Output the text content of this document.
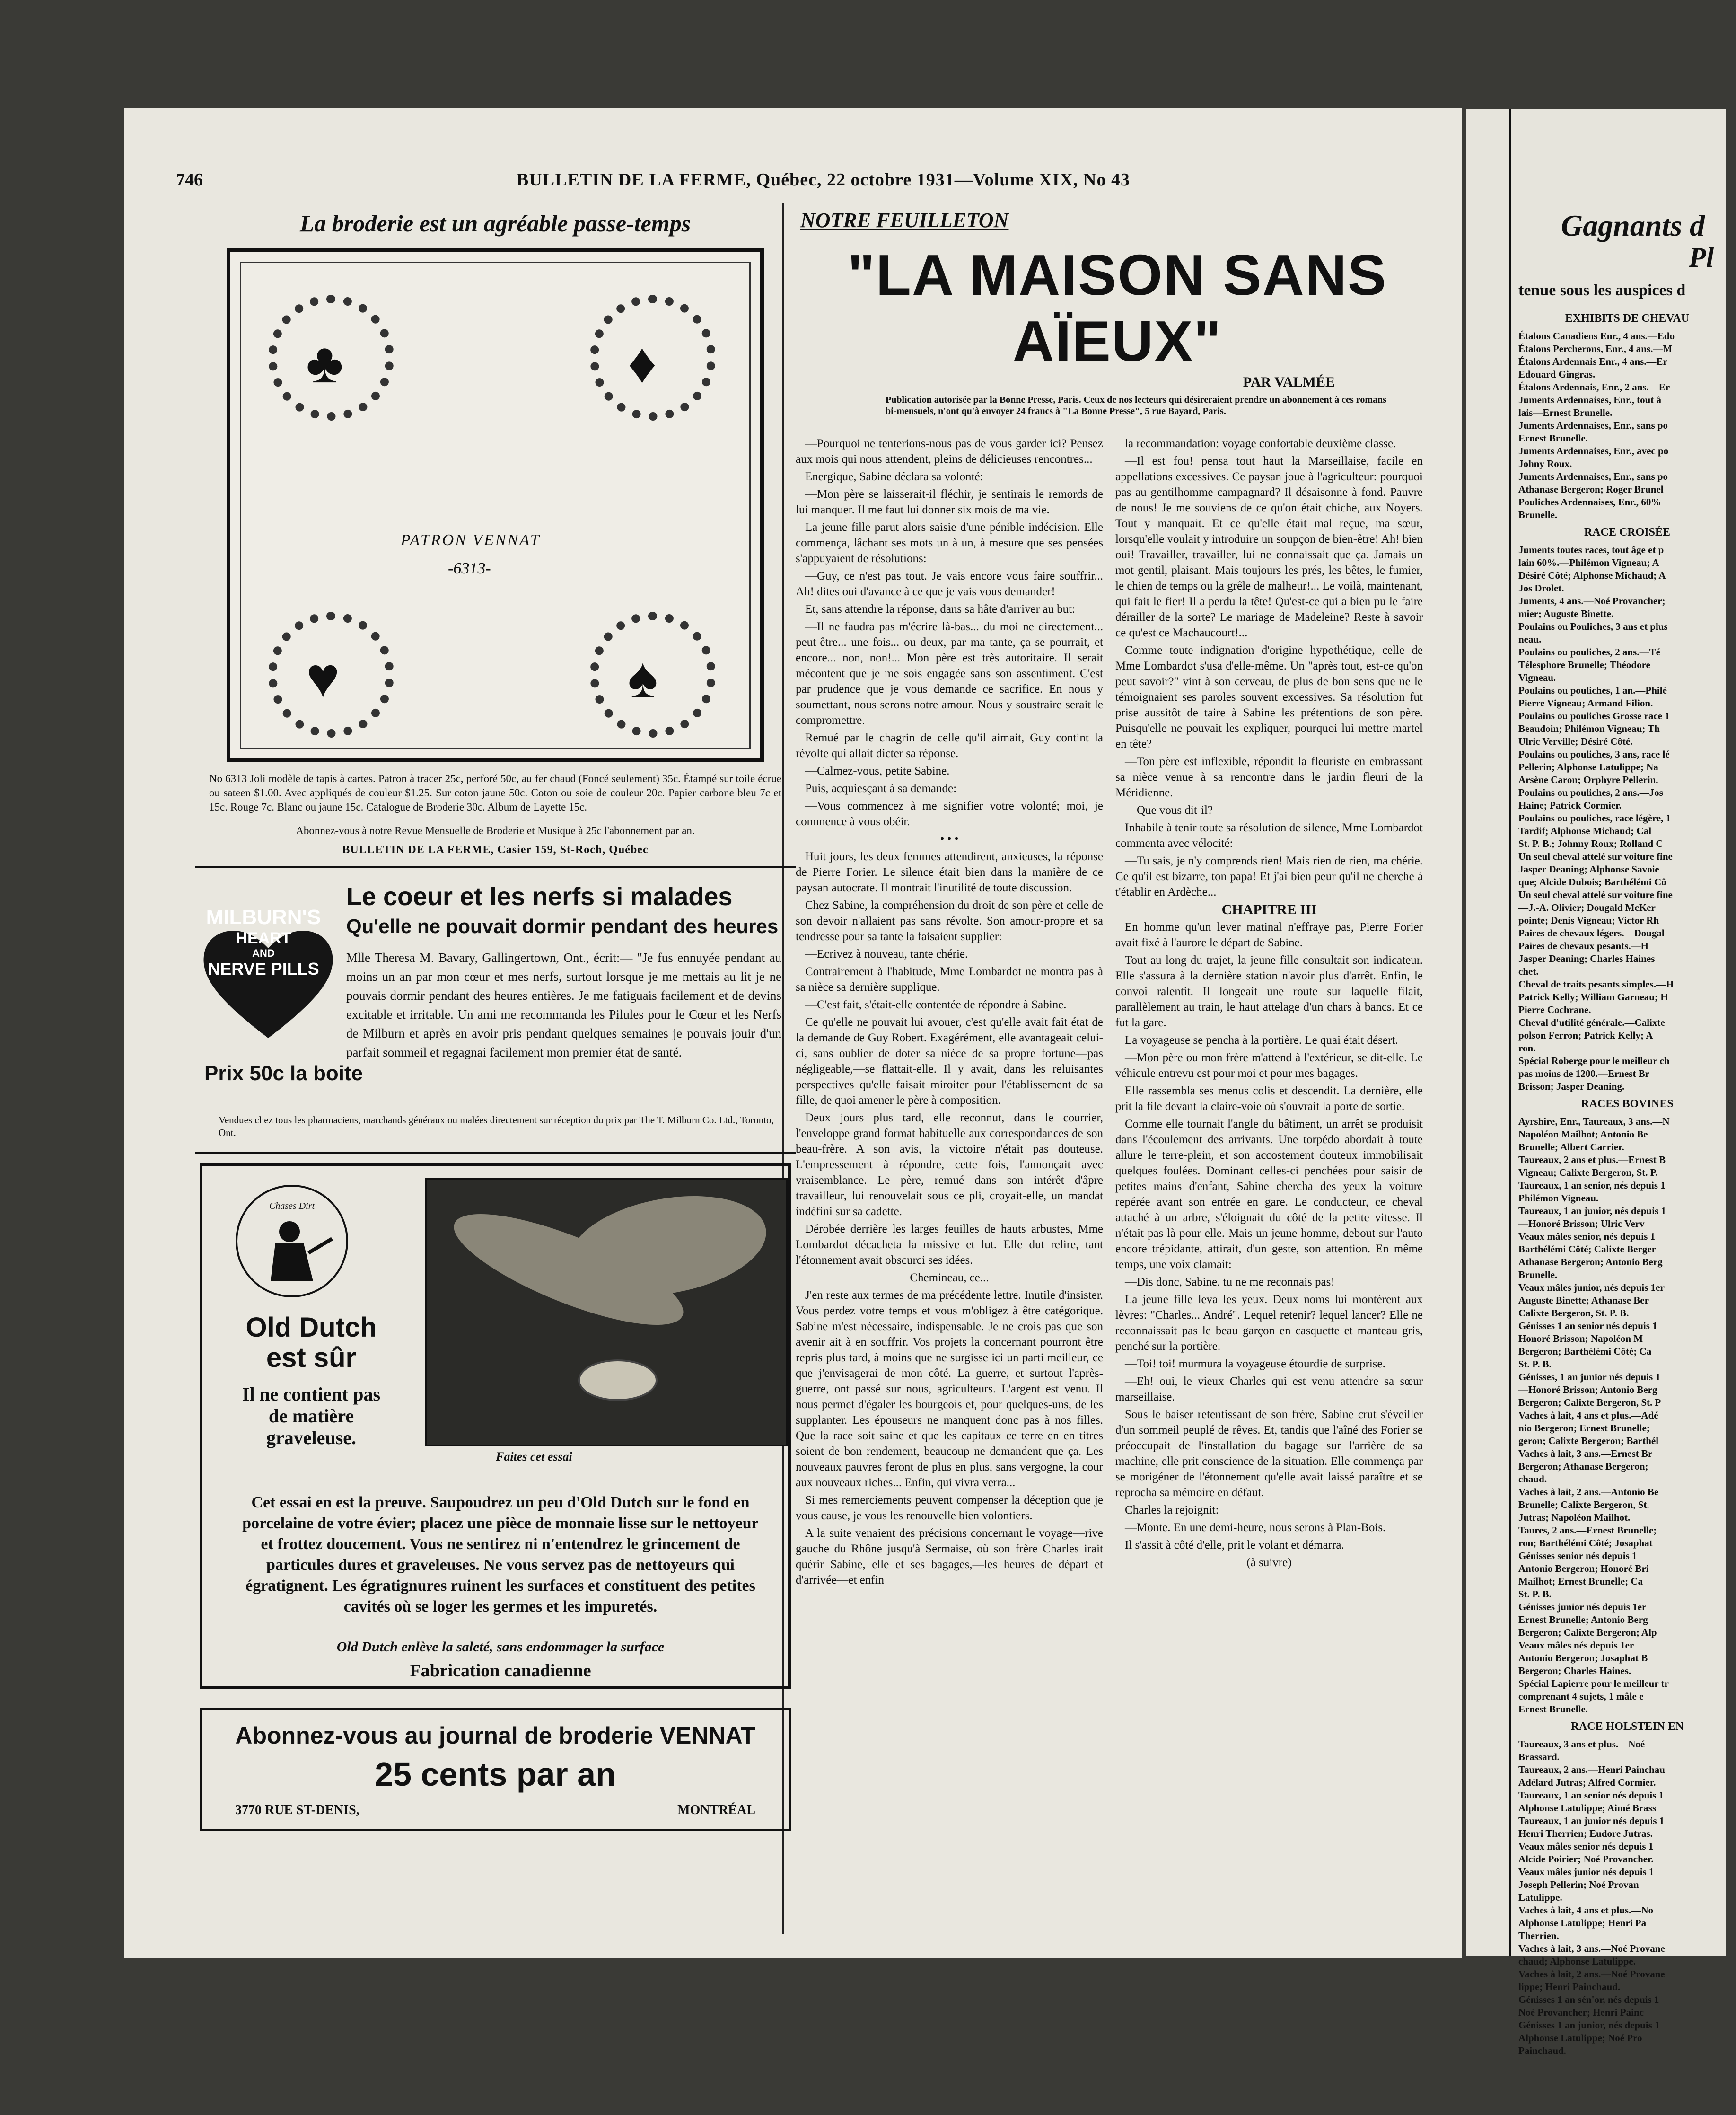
746	BULLETIN DE LA FERME, Québec, 22 octobre 1931—Volume XIX, No 43
La broderie est un agréable passe-temps
♣	♦
♥	♠
PATRON VENNAT
-6313-
No 6313 Joli modèle de tapis à cartes. Patron à tracer 25c, perforé 50c, au fer chaud (Foncé seulement) 35c. Étampé sur toile écrue ou sateen $1.00. Avec appliqués de couleur $1.25. Sur coton jaune 50c. Coton ou soie de couleur 20c. Papier carbone bleu 7c et 15c. Rouge 7c. Blanc ou jaune 15c. Catalogue de Broderie 30c. Album de Layette 15c.
Abonnez-vous à notre Revue Mensuelle de Broderie et Musique à 25c l'abonnement par an.
BULLETIN DE LA FERME, Casier 159, St-Roch, Québec
MILBURN'S
HEART
AND
NERVE PILLS
Prix 50c la boite
Le coeur et les nerfs si malades
Qu'elle ne pouvait dormir pendant des heures
Mlle Theresa M. Bavary, Gallingertown, Ont., écrit:— "Je fus ennuyée pendant au moins un an par mon cœur et mes nerfs, surtout lorsque je me mettais au lit je ne pouvais dormir pendant des heures entières. Je me fatiguais facilement et de devins excitable et irritable. Un ami me recommanda les Pilules pour le Cœur et les Nerfs de Milburn et après en avoir pris pendant quelques semaines je pouvais jouir d'un parfait sommeil et regagnai facilement mon premier état de santé.
Vendues chez tous les pharmaciens, marchands généraux ou malées directement sur réception du prix par The T. Milburn Co. Ltd., Toronto, Ont.
Chases Dirt
Faites cet essai
Old Dutch est sûr
Il ne contient pas de matière graveleuse.
Cet essai en est la preuve. Saupoudrez un peu d'Old Dutch sur le fond en porcelaine de votre évier; placez une pièce de monnaie lisse sur le nettoyeur et frottez doucement. Vous ne sentirez ni n'entendrez le grincement de particules dures et graveleuses. Ne vous servez pas de nettoyeurs qui égratignent. Les égratignures ruinent les surfaces et constituent des petites cavités où se loger les germes et les impuretés.
Old Dutch enlève la saleté, sans endommager la surface
Fabrication canadienne
Abonnez-vous au journal de broderie VENNAT
25 cents par an
3770 RUE ST-DENIS,	MONTRÉAL
NOTRE FEUILLETON
"LA MAISON SANS AÏEUX"
PAR VALMÉE
Publication autorisée par la Bonne Presse, Paris. Ceux de nos lecteurs qui désireraient prendre un abonnement à ces romans bi-mensuels, n'ont qu'à envoyer 24 francs à "La Bonne Presse", 5 rue Bayard, Paris.

—Pourquoi ne tenterions-nous pas de vous garder ici? Pensez aux mois qui nous attendent, pleins de délicieuses rencontres...

Energique, Sabine déclara sa volonté:

—Mon père se laisserait-il fléchir, je sentirais le remords de lui manquer. Il me faut lui donner six mois de ma vie.

La jeune fille parut alors saisie d'une pénible indécision. Elle commença, lâchant ses mots un à un, à mesure que ses pensées s'appuyaient de résolutions:

—Guy, ce n'est pas tout. Je vais encore vous faire souffrir... Ah! dites oui d'avance à ce que je vais vous demander!

Et, sans attendre la réponse, dans sa hâte d'arriver au but:

—Il ne faudra pas m'écrire là-bas... du moi ne directement... peut-être... une fois... ou deux, par ma tante, ça se pourrait, et encore... non, non!... Mon père est très autoritaire. Il serait mécontent que je me sois engagée sans son assentiment. C'est par prudence que je vous demande ce sacrifice. En nous y soumettant, nous serons notre amour. Nous y soustraire serait le compromettre.

Remué par le chagrin de celle qu'il aimait, Guy contint la révolte qui allait dicter sa réponse.

—Calmez-vous, petite Sabine.

Puis, acquiesçant à sa demande:

—Vous commencez à me signifier votre volonté; moi, je commence à vous obéir.

• • •

Huit jours, les deux femmes attendirent, anxieuses, la réponse de Pierre Forier. Le silence était bien dans la manière de ce paysan autocrate. Il montrait l'inutilité de toute discussion.

Chez Sabine, la compréhension du droit de son père et celle de son devoir n'allaient pas sans révolte. Son amour-propre et sa tendresse pour sa tante la faisaient supplier:

—Ecrivez à nouveau, tante chérie.

Contrairement à l'habitude, Mme Lombardot ne montra pas à sa nièce sa dernière supplique.

—C'est fait, s'était-elle contentée de répondre à Sabine.

Ce qu'elle ne pouvait lui avouer, c'est qu'elle avait fait état de la demande de Guy Robert. Exagérément, elle avantageait celui-ci, sans oublier de doter sa nièce de sa propre fortune—pas négligeable,—se flattait-elle. Il y avait, dans les reluisantes perspectives qu'elle faisait miroiter pour l'établissement de sa fille, de quoi amener le père à composition.

Deux jours plus tard, elle reconnut, dans le courrier, l'enveloppe grand format habituelle aux correspondances de son beau-frère. A son avis, la victoire n'était pas douteuse. L'empressement à répondre, cette fois, l'annonçait avec vraisemblance. Le père, remué dans son intérêt d'âpre travailleur, lui renouvelait sous ce pli, croyait-elle, un mandat indéfini sur sa cadette.

Dérobée derrière les larges feuilles de hauts arbustes, Mme Lombardot décacheta la missive et lut. Elle dut relire, tant l'étonnement avait obscurci ses idées.

Chemineau, ce...

J'en reste aux termes de ma précédente lettre. Inutile d'insister. Vous perdez votre temps et vous m'obligez à être catégorique. Sabine m'est nécessaire, indispensable. Je ne crois pas que son avenir ait à en souffrir. Vos projets la concernant pourront être repris plus tard, à moins que ne surgisse ici un parti meilleur, ce que j'envisagerai de mon côté. La guerre, et surtout l'après-guerre, ont passé sur nous, agriculteurs. L'argent est venu. Il nous permet d'égaler les bourgeois et, pour quelques-uns, de les supplanter. Les épouseurs ne manquent donc pas à nos filles. Que la race soit saine et que les capitaux ce terre en en titres soient de bon rendement, beaucoup ne demandent que ça. Les nouveaux pauvres feront de plus en plus, sans vergogne, la cour aux nouveaux riches... Enfin, qui vivra verra...

Si mes remerciements peuvent compenser la déception que je vous cause, je vous les renouvelle bien volontiers.

A la suite venaient des précisions concernant le voyage—rive gauche du Rhône jusqu'à Sermaise, où son frère Charles irait quérir Sabine, elle et ses bagages,—les heures de départ et d'arrivée—et enfin

la recommandation: voyage confortable deuxième classe.

—Il est fou! pensa tout haut la Marseillaise, facile en appellations excessives. Ce paysan joue à l'agriculteur: pourquoi pas au gentilhomme campagnard? Il désaisonne à fond. Pauvre de nous! Je me souviens de ce qu'on était chiche, aux Noyers. Tout y manquait. Et ce qu'elle était mal reçue, ma sœur, lorsqu'elle voulait y introduire un soupçon de bien-être! Ah! bien oui! Travailler, travailler, lui ne connaissait que ça. Jamais un mot gentil, plaisant. Mais toujours les prés, les bêtes, le fumier, le chien de temps ou la grêle de malheur!... Le voilà, maintenant, qui fait le fier! Il a perdu la tête! Qu'est-ce qui a bien pu le faire dérailler de la sorte? Le mariage de Madeleine? Reste à savoir ce qu'est ce Machaucourt!...

Comme toute indignation d'origine hypothétique, celle de Mme Lombardot s'usa d'elle-même. Un "après tout, est-ce qu'on peut savoir?" vint à son cerveau, de plus de bon sens que ne le témoignaient ses paroles souvent excessives. Sa résolution fut prise aussitôt de taire à Sabine les prétentions de son père. Puisqu'elle ne pouvait les expliquer, pourquoi lui mettre martel en tête?

—Ton père est inflexible, répondit la fleuriste en embrassant sa nièce venue à sa rencontre dans le jardin fleuri de la Méridienne.

—Que vous dit-il?

Inhabile à tenir toute sa résolution de silence, Mme Lombardot commenta avec vélocité:

—Tu sais, je n'y comprends rien! Mais rien de rien, ma chérie. Ce qu'il est bizarre, ton papa! Et j'ai bien peur qu'il ne cherche à t'établir en Ardèche...

CHAPITRE III

En homme qu'un lever matinal n'effraye pas, Pierre Forier avait fixé à l'aurore le départ de Sabine.

Tout au long du trajet, la jeune fille consultait son indicateur. Elle s'assura à la dernière station n'avoir plus d'arrêt. Enfin, le convoi ralentit. Il longeait une route sur laquelle filait, parallèlement au train, le haut attelage d'un chars à bancs. Et ce fut la gare.

La voyageuse se pencha à la portière. Le quai était désert.

—Mon père ou mon frère m'attend à l'extérieur, se dit-elle. Le véhicule entrevu est pour moi et pour mes bagages.

Elle rassembla ses menus colis et descendit. La dernière, elle prit la file devant la claire-voie où s'ouvrait la porte de sortie.

Comme elle tournait l'angle du bâtiment, un arrêt se produisit dans l'écoulement des arrivants. Une torpédo abordait à toute allure le terre-plein, et son accostement douteux immobilisait quelques foulées. Dominant celles-ci penchées pour saisir de petites mains d'enfant, Sabine chercha des yeux la voiture repérée avant son entrée en gare. Le conducteur, ce cheval attaché à un arbre, s'éloignait du côté de la petite vitesse. Il n'était pas là pour elle. Mais un jeune homme, debout sur l'auto encore trépidante, attirait, d'un geste, son attention. En même temps, une voix clamait:

—Dis donc, Sabine, tu ne me reconnais pas!

La jeune fille leva les yeux. Deux noms lui montèrent aux lèvres: "Charles... André". Lequel retenir? lequel lancer? Elle ne reconnaissait pas le beau garçon en casquette et manteau gris, penché sur la portière.

—Toi! toi! murmura la voyageuse étourdie de surprise.

—Eh! oui, le vieux Charles qui est venu attendre sa sœur marseillaise.

Sous le baiser retentissant de son frère, Sabine crut s'éveiller d'un sommeil peuplé de rêves. Et, tandis que l'aîné des Forier se préoccupait de l'installation du bagage sur l'arrière de sa machine, elle prit conscience de la situation. Elle commença par se morigéner de l'étonnement qu'elle avait laissé paraître et se reprocha sa mémoire en défaut.

Charles la rejoignit:

—Monte. En une demi-heure, nous serons à Plan-Bois.

Il s'assit à côté d'elle, prit le volant et démarra.

(à suivre)

Gagnants d
Pl
tenue sous les auspices d
EXHIBITS DE CHEVAU
Étalons Canadiens Enr., 4 ans.—Edo
Étalons Percherons, Enr., 4 ans.—M
Étalons Ardennais Enr., 4 ans.—Er
Edouard Gingras.
Étalons Ardennais, Enr., 2 ans.—Er
Juments Ardennaises, Enr., tout â
lais—Ernest Brunelle.
Juments Ardennaises, Enr., sans po
Ernest Brunelle.
Juments Ardennaises, Enr., avec po
Johny Roux.
Juments Ardennaises, Enr., sans po
Athanase Bergeron; Roger Brunel
Pouliches Ardennaises, Enr., 60%
Brunelle.
RACE CROISÉE
Juments toutes races, tout âge et p
lain 60%.—Philémon Vigneau; A
Désiré Côté; Alphonse Michaud; A
Jos Drolet.
Juments, 4 ans.—Noé Provancher;
mier; Auguste Binette.
Poulains ou Pouliches, 3 ans et plus
neau.
Poulains ou pouliches, 2 ans.—Té
Télesphore Brunelle; Théodore
Vigneau.
Poulains ou pouliches, 1 an.—Philé
Pierre Vigneau; Armand Filion.
Poulains ou pouliches Grosse race 1
Beaudoin; Philémon Vigneau; Th
Ulric Verville; Désiré Côté.
Poulains ou pouliches, 3 ans, race lé
Pellerin; Alphonse Latulippe; Na
Arsène Caron; Orphyre Pellerin.
Poulains ou pouliches, 2 ans.—Jos
Haine; Patrick Cormier.
Poulains ou pouliches, race légère, 1
Tardif; Alphonse Michaud; Cal
St. P. B.; Johnny Roux; Rolland C
Un seul cheval attelé sur voiture fine
Jasper Deaning; Alphonse Savoie
que; Alcide Dubois; Barthélémi Cô
Un seul cheval attelé sur voiture fine
—J.-A. Olivier; Dougald McKer
pointe; Denis Vigneau; Victor Rh
Paires de chevaux légers.—Dougal
Paires de chevaux pesants.—H
Jasper Deaning; Charles Haines
chet.
Cheval de traits pesants simples.—H
Patrick Kelly; William Garneau; H
Pierre Cochrane.
Cheval d'utilité générale.—Calixte
polson Ferron; Patrick Kelly; A
ron.
Spécial Roberge pour le meilleur ch
pas moins de 1200.—Ernest Br
Brisson; Jasper Deaning.
RACES BOVINES
Ayrshire, Enr., Taureaux, 3 ans.—N
Napoléon Mailhot; Antonio Be
Brunelle; Albert Carrier.
Taureaux, 2 ans et plus.—Ernest B
Vigneau; Calixte Bergeron, St. P.
Taureaux, 1 an senior, nés depuis 1
Philémon Vigneau.
Taureaux, 1 an junior, nés depuis 1
—Honoré Brisson; Ulric Verv
Veaux mâles senior, nés depuis 1
Barthélémi Côté; Calixte Berger
Athanase Bergeron; Antonio Berg
Brunelle.
Veaux mâles junior, nés depuis 1er
Auguste Binette; Athanase Ber
Calixte Bergeron, St. P. B.
Génisses 1 an senior nés depuis 1
Honoré Brisson; Napoléon M
Bergeron; Barthélémi Côté; Ca
St. P. B.
Génisses, 1 an junior nés depuis 1
—Honoré Brisson; Antonio Berg
Bergeron; Calixte Bergeron, St. P
Vaches à lait, 4 ans et plus.—Adé
nio Bergeron; Ernest Brunelle;
geron; Calixte Bergeron; Barthél
Vaches à lait, 3 ans.—Ernest Br
Bergeron; Athanase Bergeron;
chaud.
Vaches à lait, 2 ans.—Antonio Be
Brunelle; Calixte Bergeron, St.
Jutras; Napoléon Mailhot.
Taures, 2 ans.—Ernest Brunelle;
ron; Barthélémi Côté; Josaphat
Génisses senior nés depuis 1
Antonio Bergeron; Honoré Bri
Mailhot; Ernest Brunelle; Ca
St. P. B.
Génisses junior nés depuis 1er
Ernest Brunelle; Antonio Berg
Bergeron; Calixte Bergeron; Alp
Veaux mâles nés depuis 1er
Antonio Bergeron; Josaphat B
Bergeron; Charles Haines.
Spécial Lapierre pour le meilleur tr
comprenant 4 sujets, 1 mâle e
Ernest Brunelle.
RACE HOLSTEIN EN
Taureaux, 3 ans et plus.—Noé
Brassard.
Taureaux, 2 ans.—Henri Painchau
Adélard Jutras; Alfred Cormier.
Taureaux, 1 an senior nés depuis 1
Alphonse Latulippe; Aimé Brass
Taureaux, 1 an junior nés depuis 1
Henri Therrien; Eudore Jutras.
Veaux mâles senior nés depuis 1
Alcide Poirier; Noé Provancher.
Veaux mâles junior nés depuis 1
Joseph Pellerin; Noé Provan
Latulippe.
Vaches à lait, 4 ans et plus.—No
Alphonse Latulippe; Henri Pa
Therrien.
Vaches à lait, 3 ans.—Noé Provane
chaud; Alphonse Latulippe.
Vaches à lait, 2 ans.—Noé Provane
lippe; Henri Painchaud.
Génisses 1 an sén'or, nés depuis 1
Noé Provancher; Henri Painc
Génisses 1 an junior, nés depuis 1
Alphonse Latulippe; Noé Pro
Painchaud.
